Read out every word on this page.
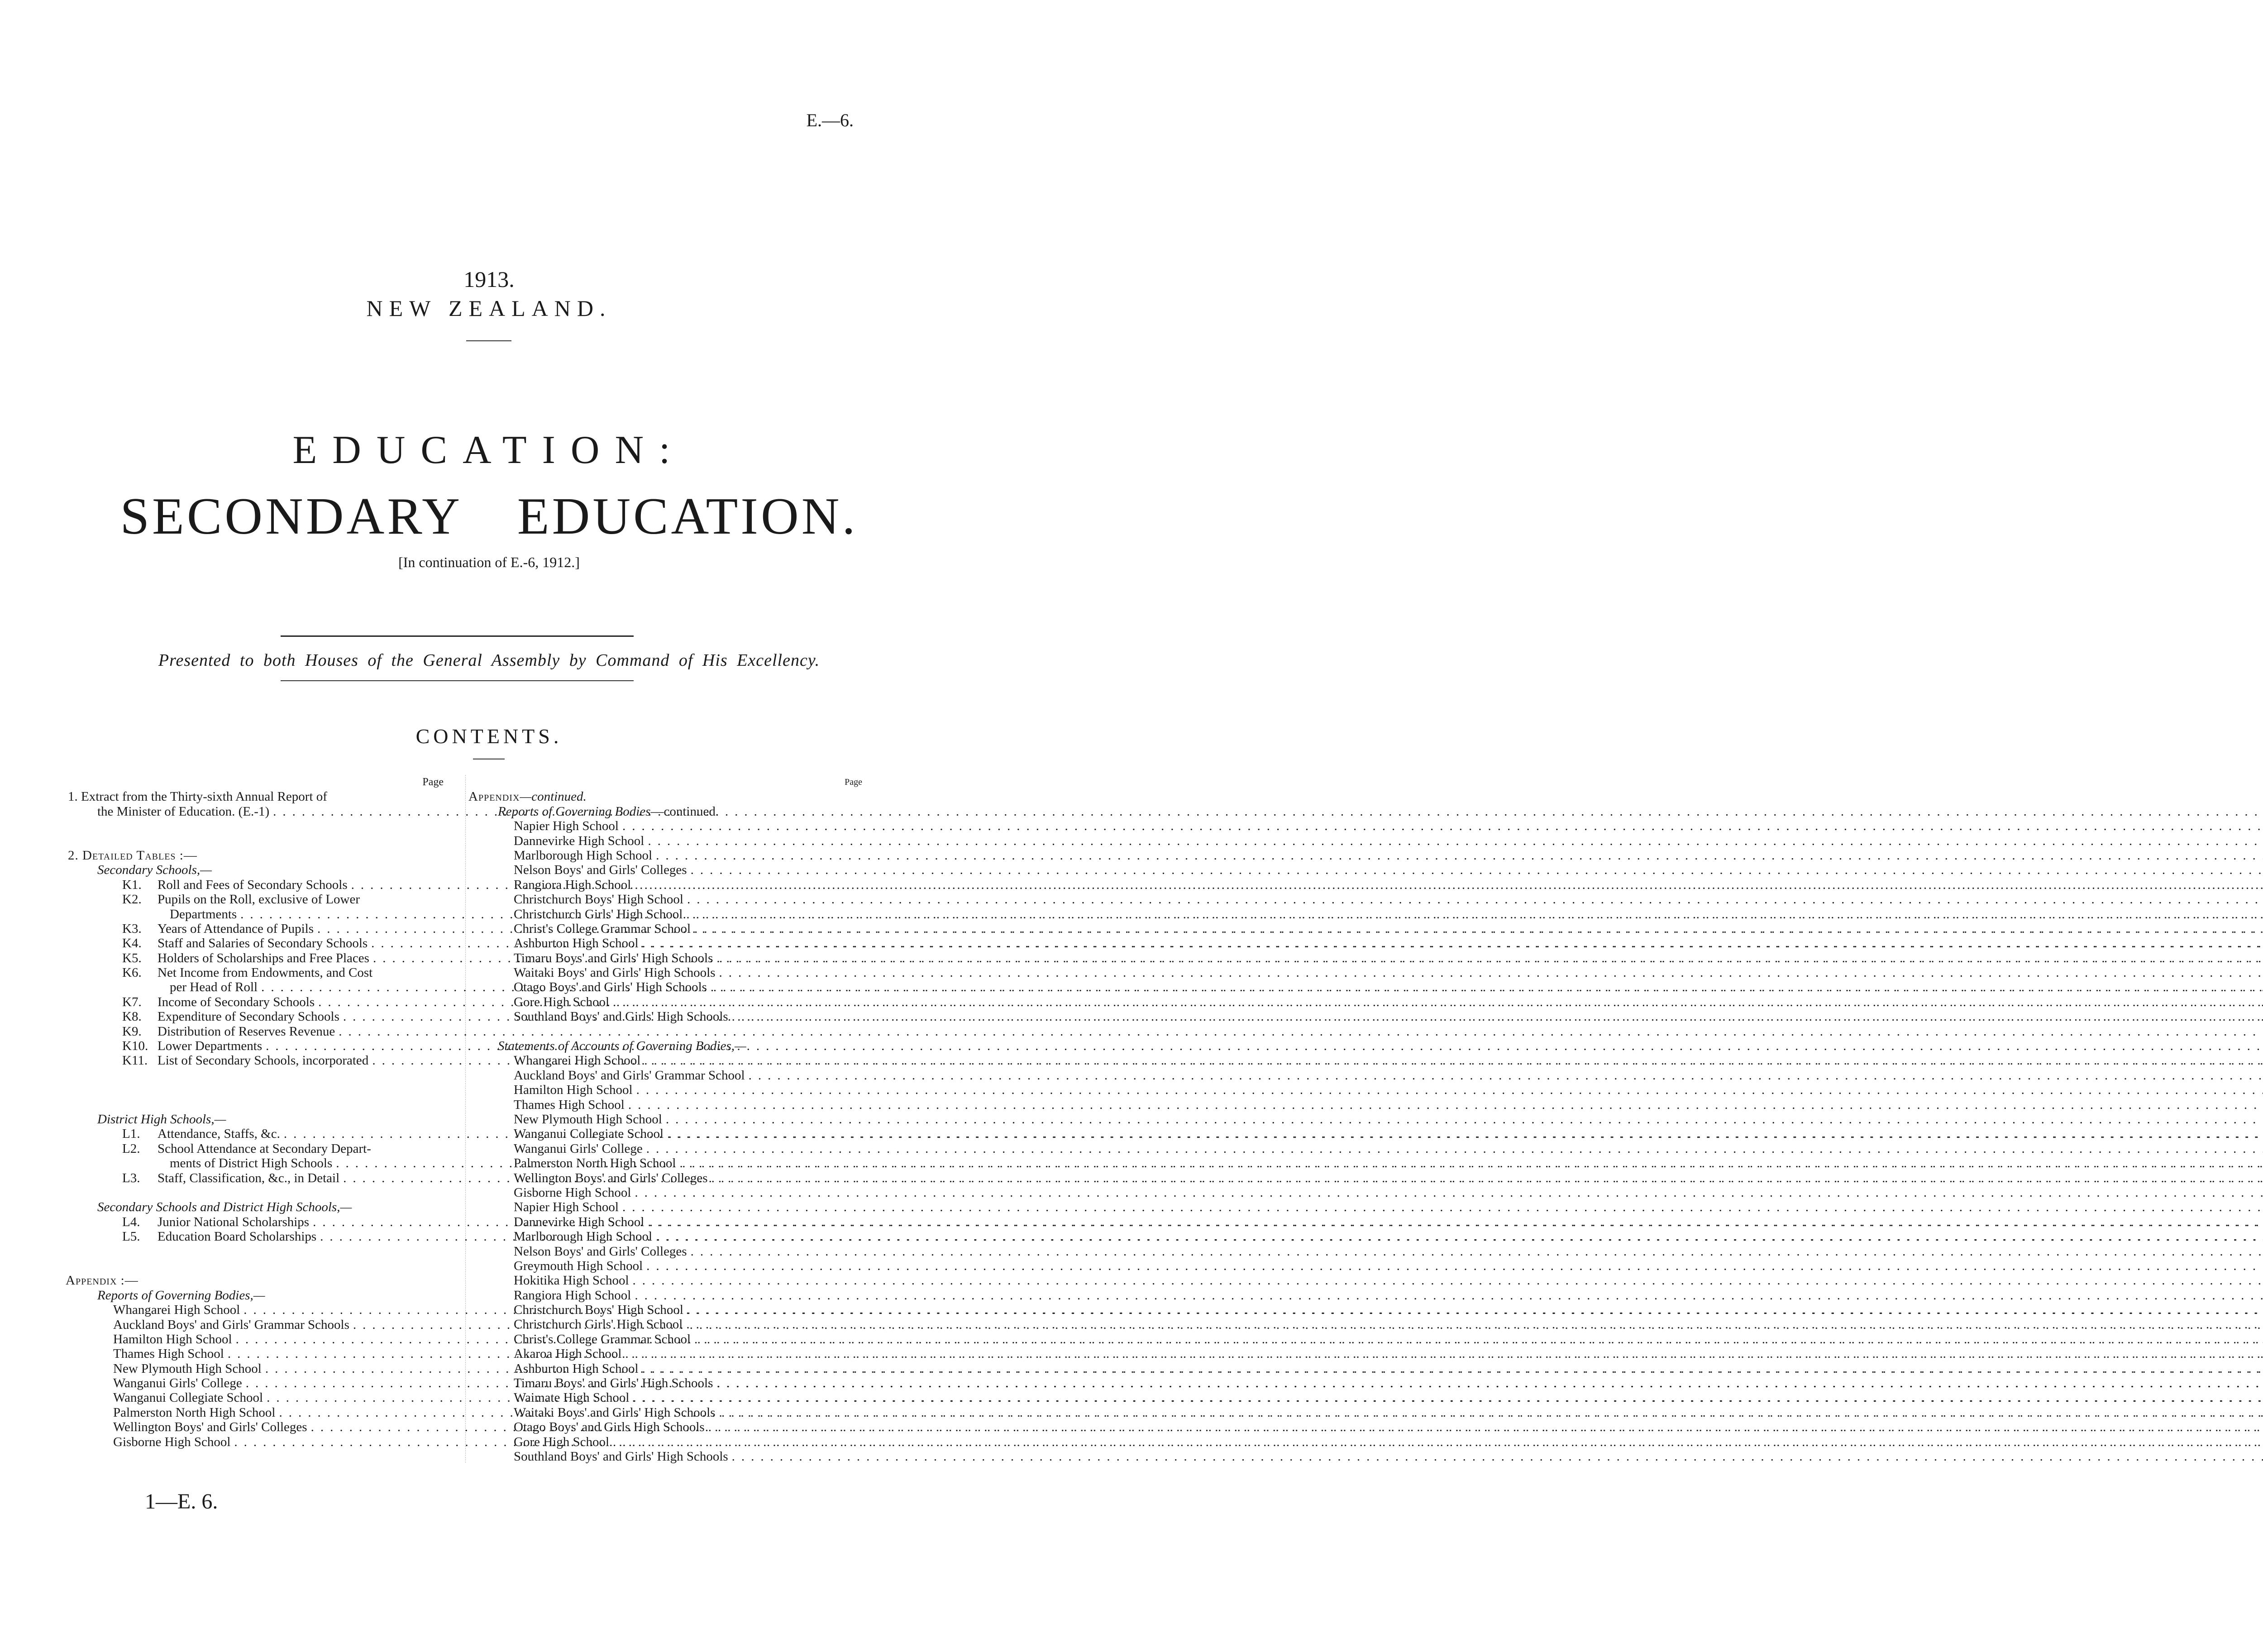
E.—6.
1913.
NEW ZEALAND.
EDUCATION:
SECONDARY EDUCATION.
[In continuation of E.-6, 1912.]
Presented to both Houses of the General Assembly by Command of His Excellency.
CONTENTS.
Page
1. Extract from the Thirty-sixth Annual Report of
the Minister of Education. (E.-1)
.....
2. Detailed Tables :—
Secondary Schools,—
K1. Roll and Fees of Secondary Schools
.....
K2. Pupils on the Roll, exclusive of Lower
Departments
.....
K3. Years of Attendance of Pupils
.....
K4. Staff and Salaries of Secondary Schools
.....
K5. Holders of Scholarships and Free Places
.....
K6. Net Income from Endowments, and Cost
per Head of Roll
.....
K7. Income of Secondary Schools
.....
K8. Expenditure of Secondary Schools
.....
K9. Distribution of Reserves Revenue
.....
K10. Lower Departments
.....
K11. List of Secondary Schools, incorporated
.....
District High Schools,—
L1. Attendance, Staffs, &c.
.....
L2. School Attendance at Secondary Depart-
ments of District High Schools
.....
L3. Staff, Classification, &c., in Detail
.....
Secondary Schools and District High Schools,—
L4. Junior National Scholarships
.....
L5. Education Board Scholarships
.....
Appendix :—
Reports of Governing Bodies,—
Whangarei High School
.....
Auckland Boys' and Girls' Grammar Schools
.....
Hamilton High School
.....
Thames High School
.....
New Plymouth High School
.....
Wanganui Girls' College
.....
Wanganui Collegiate School
.....
Palmerston North High School
.....
Wellington Boys' and Girls' Colleges
.....
Gisborne High School
.....
Page
Appendix—continued.
Reports of Governing Bodies—continued.
Napier High School
.....
Dannevirke High School
.....
Marlborough High School
.....
Nelson Boys' and Girls' Colleges
.....
Rangiora High School
.....
Christchurch Boys' High School
.....
Christchurch Girls' High School
.....
Christ's College Grammar School
.....
Ashburton High School
.....
Timaru Boys' and Girls' High Schools
.....
Waitaki Boys' and Girls' High Schools
.....
Otago Boys' and Girls' High Schools
.....
Gore High School
.....
Southland Boys' and Girls' High Schools
.....
Statements of Accounts of Governing Bodies,—
Whangarei High School
.....
Auckland Boys' and Girls' Grammar School
.....
Hamilton High School
.....
Thames High School
.....
New Plymouth High School
.....
Wanganui Collegiate School
.....
Wanganui Girls' College
.....
Palmerston North High School
.....
Wellington Boys' and Girls' Colleges
.....
Gisborne High School
.....
Napier High School
.....
Dannevirke High School
.....
Marlborough High School
.....
Nelson Boys' and Girls' Colleges
.....
Greymouth High School
.....
Hokitika High School
.....
Rangiora High School
.....
Christchurch Boys' High School
.....
Christchurch Girls' High School
.....
Christ's College Grammar School
.....
Akaroa High School
.....
Ashburton High School
.....
Timaru Boys' and Girls' High Schools
.....
Waimate High School
.....
Waitaki Boys' and Girls' High Schools
.....
Otago Boys' and Girls High Schools
.....
Gore High School
.....
Southland Boys' and Girls' High Schools
.....
1—E. 6.
